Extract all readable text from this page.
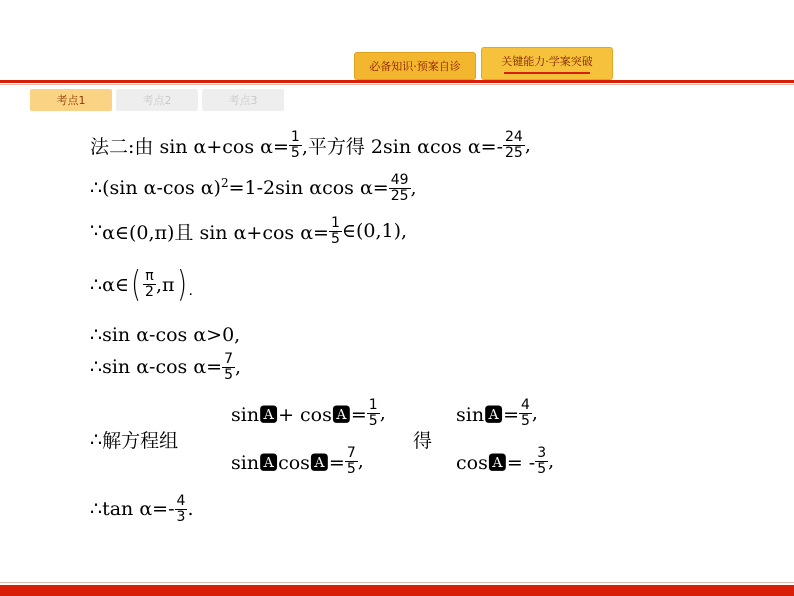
必备知识·预案自诊	关键能力·学案突破
考点1	考点2	考点3
法二:由 sin α+cos $\alpha= \frac{1}{5}$ ,平方得 2sin αcos $\alpha=- \frac{24}{25}$ ,
∴ (sin α-cos α)$^2$ =1-2sin αcos $\alpha= \frac{49}{25}$ ,
∵ α∈(0,π)且 sin α+cos $\alpha= \frac{1}{5}$ ∈(0,1),
∴ α∈ ( $\frac{\pi}{2} ,\pi$ ) .
∴ sin α-cos α>0,
∴ sin α-cos $\alpha= \frac{7}{5}$ ,
∴ 解方程组
sin🅰+ cos🅰= $\frac{1}{5}$ ,
sin🅰cos🅰= $\frac{7}{5}$ ,
得
sin🅰= $\frac{4}{5}$ ,
cos🅰= - $\frac{3}{5}$ ,
∴ $\tan \alpha=- \frac{4}{3}$ .
